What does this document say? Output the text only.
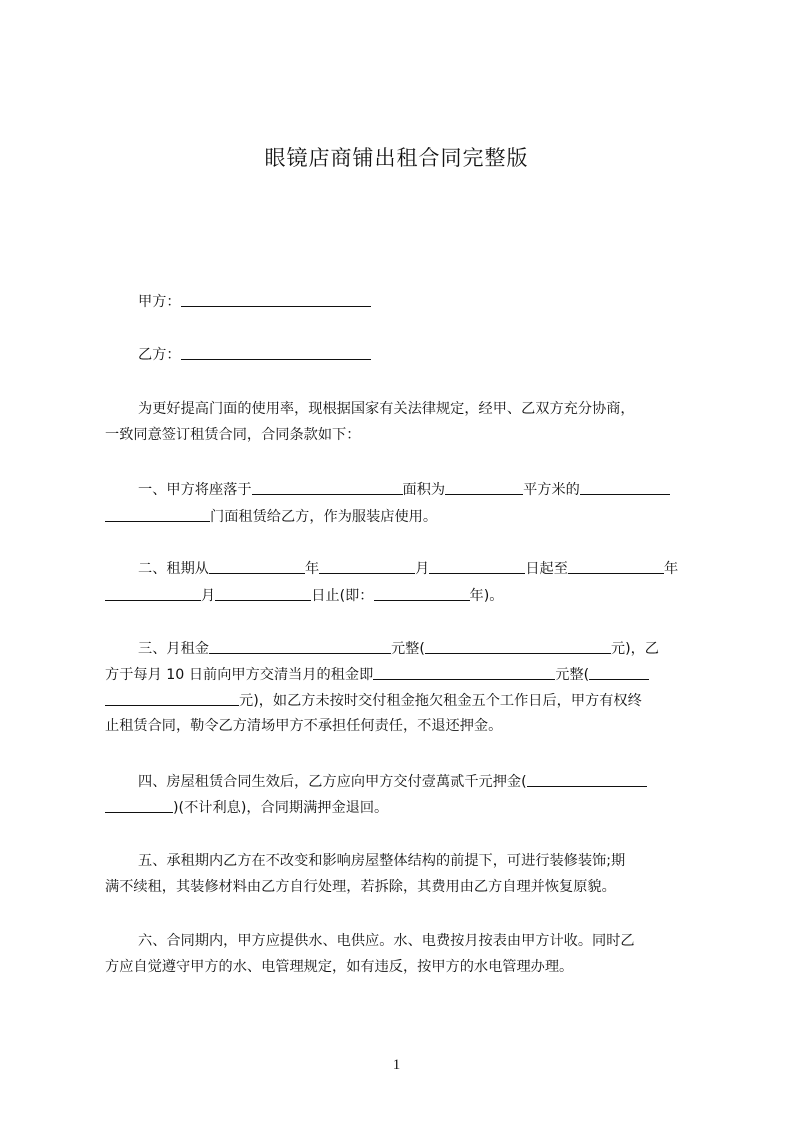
眼镜店商铺出租合同完整版
甲方：
乙方：
为更好提高门面的使用率，现根据国家有关法律规定，经甲、乙双方充分协商，
一致同意签订租赁合同，合同条款如下：
一、甲方将座落于	面积为	平方米的
门面租赁给乙方，作为服装店使用。
二、租期从	年	月	日起至	年
月	日止(即：	年)。
三、月租金	元整(	元)，乙
方于每月 10 日前向甲方交清当月的租金即	元整(
元)，如乙方未按时交付租金拖欠租金五个工作日后，甲方有权终
止租赁合同，勒令乙方清场甲方不承担任何责任，不退还押金。
四、房屋租赁合同生效后，乙方应向甲方交付壹萬贰千元押金(
)(不计利息)，合同期满押金退回。
五、承租期内乙方在不改变和影响房屋整体结构的前提下，可进行装修装饰;期
满不续租，其装修材料由乙方自行处理，若拆除，其费用由乙方自理并恢复原貌。
六、合同期内，甲方应提供水、电供应。水、电费按月按表由甲方计收。同时乙
方应自觉遵守甲方的水、电管理规定，如有违反，按甲方的水电管理办理。
1
